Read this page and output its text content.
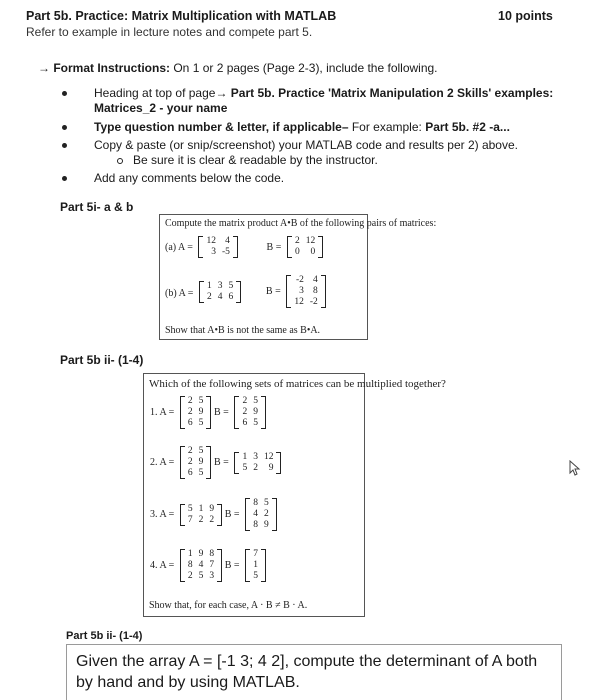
Part 5b. Practice: Matrix Multiplication with MATLAB	10 points
Refer to example in lecture notes and compete part 5.
→ Format Instructions: On 1 or 2 pages (Page 2-3), include the following.
Heading at top of page→ Part 5b. Practice 'Matrix Manipulation 2 Skills' examples:
Matrices_2 - your name
Type question number & letter, if applicable– For example: Part 5b. #2 -a...
Copy & paste (or snip/screenshot) your MATLAB code and results per 2) above.
Be sure it is clear & readable by the instructor.
Add any comments below the code.
Part 5i- a & b
Compute the matrix product A•B of the following pairs of matrices:
(a) A =
12	4
3	-5	B =
2	12
0	0
(b) A =
1	3	5
2	4	6	B =
-2	4
3	8
12	-2
Show that A•B is not the same as B•A.
Part 5b ii- (1-4)
Which of the following sets of matrices can be multiplied together?
1. A =
2	5
2	9
6	5
B =
2	5
2	9
6	5
2. A =
2	5
2	9
6	5
B =
1	3	12
5	2	9
3. A =
5	1	9
7	2	2 B =
8	5
4	2
8	9
4. A =
1	9	8
8	4	7
2	5	3
B =
7
1
5
Show that, for each case, A · B ≠ B · A.
Part 5b ii- (1-4)
Given the array A = [-1 3; 4 2], compute the determinant of A both by hand and by using MATLAB.
